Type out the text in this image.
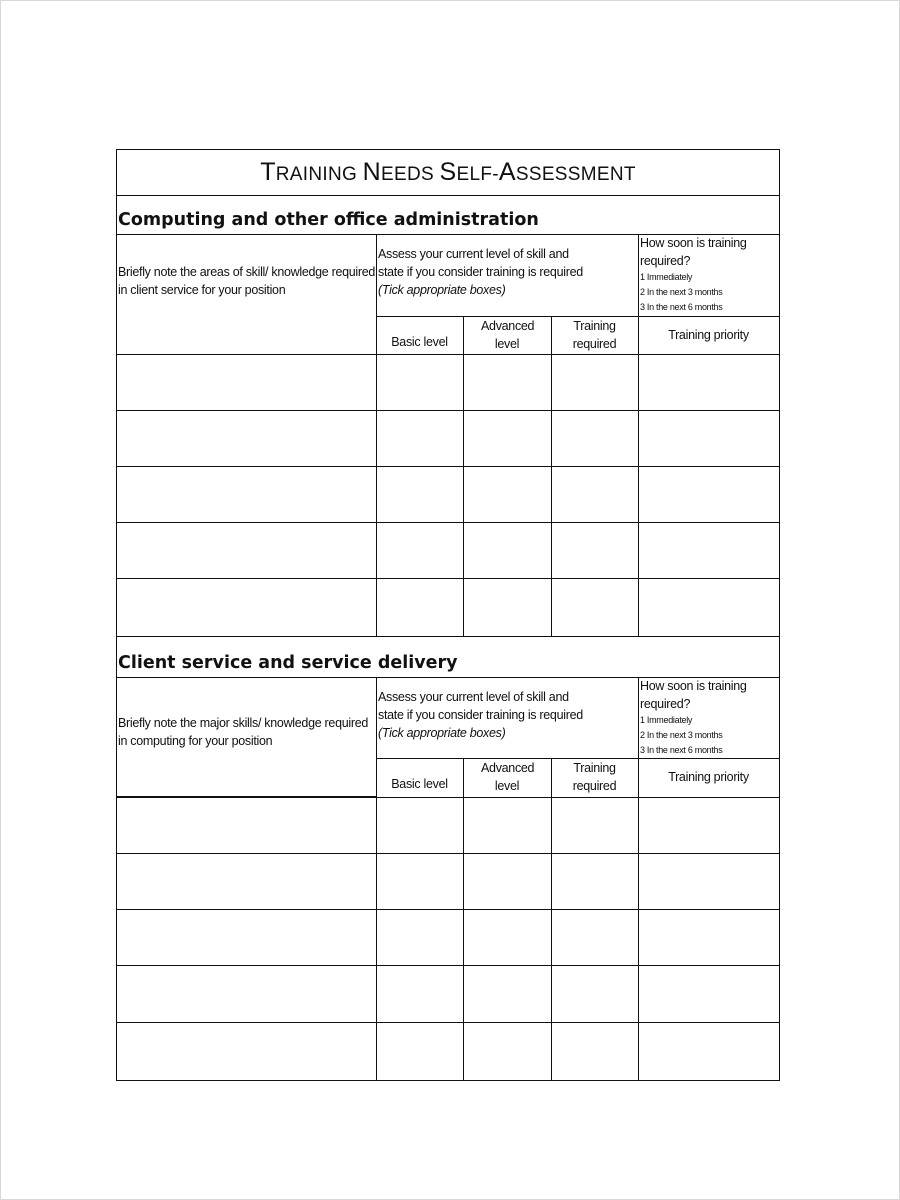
TRAINING NEEDS SELF-ASSESSMENT
Computing and other office administration
Briefly note the areas of skill/ knowledge required in client service for your position
Assess your current level of skill and
state if you consider training is required
(Tick appropriate boxes)
How soon is training required?
1 Immediately
2 In the next 3 months
3 In the next 6 months
Basic level
Advanced level
Training required
Training priority
Client service and service delivery
Briefly note the major skills/ knowledge required in computing for your position
Assess your current level of skill and
state if you consider training is required
(Tick appropriate boxes)
How soon is training required?
1 Immediately
2 In the next 3 months
3 In the next 6 months
Basic level
Advanced level
Training required
Training priority
